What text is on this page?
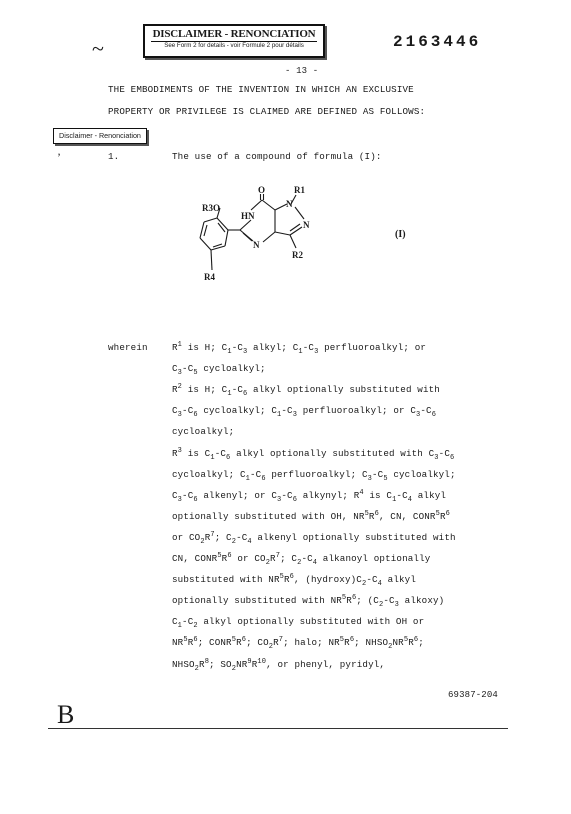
DISCLAIMER - RENONCIATION
See Form 2 for details - voir Formule 2 pour détails
~	2163446
- 13 -
THE EMBODIMENTS OF THE INVENTION IN WHICH AN EXCLUSIVE
PROPERTY OR PRIVILEGE IS CLAIMED ARE DEFINED AS FOLLOWS:
Disclaimer - Renonciation
’	1.	The use of a compound of formula (I):
O	R1
R3O
HN
N
N
N
R2
R4
(I)
wherein	$R^1$ is H; $C_1-C_3$ alkyl; $C_1-C_3$ perfluoroalkyl; or
$C_3-C_5$ cycloalkyl;
$R^2$ is H; $C_1-C_6$ alkyl optionally substituted with
$C_3-C_6$ cycloalkyl; $C_1-C_3$ perfluoroalkyl; or $C_3-C_6$
cycloalkyl;
$R^3$ is $C_1-C_6$ alkyl optionally substituted with $C_3-C_6$
cycloalkyl; $C_1-C_6$ perfluoroalkyl; $C_3-C_5$ cycloalkyl;
$C_3-C_6$ alkenyl; or $C_3-C_6$ alkynyl; $R^4$ is $C_1-C_4$ alkyl
optionally substituted with OH, $NR^5R^6$, CN, $CONR^5R^6$
or $CO_2R^7$; $C_2-C_4$ alkenyl optionally substituted with
CN, $CONR^5R^6$ or $CO_2R^7$; $C_2-C_4$ alkanoyl optionally
substituted with $NR^5R^6$, $(hydroxy)C_2-C_4$ alkyl
optionally substituted with $NR^5R^6$; ($C_2-C_3$ alkoxy)
$C_1-C_2$ alkyl optionally substituted with OH or
$NR^5R^6$; $CONR^5R^6$; $CO_2R^7$; halo; $NR^5R^6$; $NHSO_2NR^5R^6$;
$NHSO_2R^8$; $SO_2NR^9R^{10}$, or phenyl, pyridyl,
69387-204
B
